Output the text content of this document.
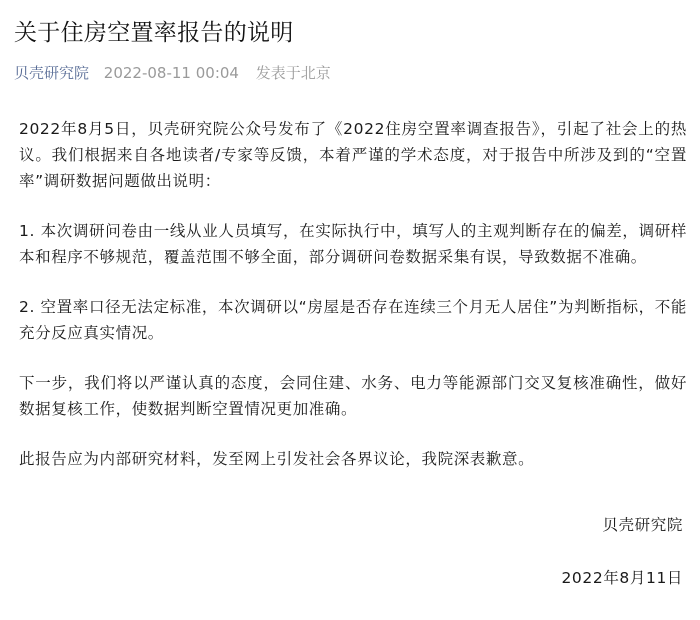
关于住房空置率报告的说明
贝壳研究院 2022-08-11 00:04 发表于北京

2022年8月5日，贝壳研究院公众号发布了《2022住房空置率调查报告》，引起了社会上的热议。我们根据来自各地读者/专家等反馈，本着严谨的学术态度，对于报告中所涉及到的“空置率”调研数据问题做出说明：

1. 本次调研问卷由一线从业人员填写，在实际执行中，填写人的主观判断存在的偏差，调研样本和程序不够规范，覆盖范围不够全面，部分调研问卷数据采集有误，导致数据不准确。

2. 空置率口径无法定标准，本次调研以“房屋是否存在连续三个月无人居住”为判断指标，不能充分反应真实情况。

下一步，我们将以严谨认真的态度，会同住建、水务、电力等能源部门交叉复核准确性，做好数据复核工作，使数据判断空置情况更加准确。

此报告应为内部研究材料，发至网上引发社会各界议论，我院深表歉意。

贝壳研究院
2022年8月11日
